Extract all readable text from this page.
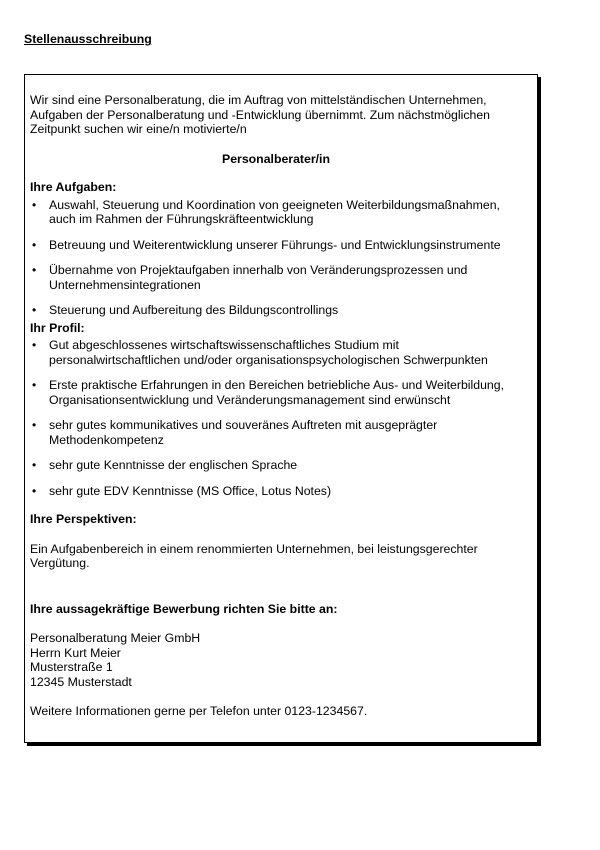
Stellenausschreibung

Wir sind eine Personalberatung, die im Auftrag von mittelständischen Unternehmen, Aufgaben der Personalberatung und -Entwicklung übernimmt. Zum nächstmöglichen Zeitpunkt suchen wir eine/n motivierte/n

Personalberater/in

Ihre Aufgaben:

• Auswahl, Steuerung und Koordination von geeigneten Weiterbildungsmaßnahmen, auch im Rahmen der Führungskräfteentwicklung
• Betreuung und Weiterentwicklung unserer Führungs- und Entwicklungsinstrumente
• Übernahme von Projektaufgaben innerhalb von Veränderungsprozessen und Unternehmensintegrationen
• Steuerung und Aufbereitung des Bildungscontrollings

Ihr Profil:

• Gut abgeschlossenes wirtschaftswissenschaftliches Studium mit personalwirtschaftlichen und/oder organisationspsychologischen Schwerpunkten
• Erste praktische Erfahrungen in den Bereichen betriebliche Aus- und Weiterbildung, Organisationsentwicklung und Veränderungsmanagement sind erwünscht
• sehr gutes kommunikatives und souveränes Auftreten mit ausgeprägter Methodenkompetenz
• sehr gute Kenntnisse der englischen Sprache
• sehr gute EDV Kenntnisse (MS Office, Lotus Notes)

Ihre Perspektiven:

Ein Aufgabenbereich in einem renommierten Unternehmen, bei leistungsgerechter Vergütung.

Ihre aussagekräftige Bewerbung richten Sie bitte an:

Personalberatung Meier GmbH

Herrn Kurt Meier

Musterstraße 1

12345 Musterstadt

Weitere Informationen gerne per Telefon unter 0123-1234567.
